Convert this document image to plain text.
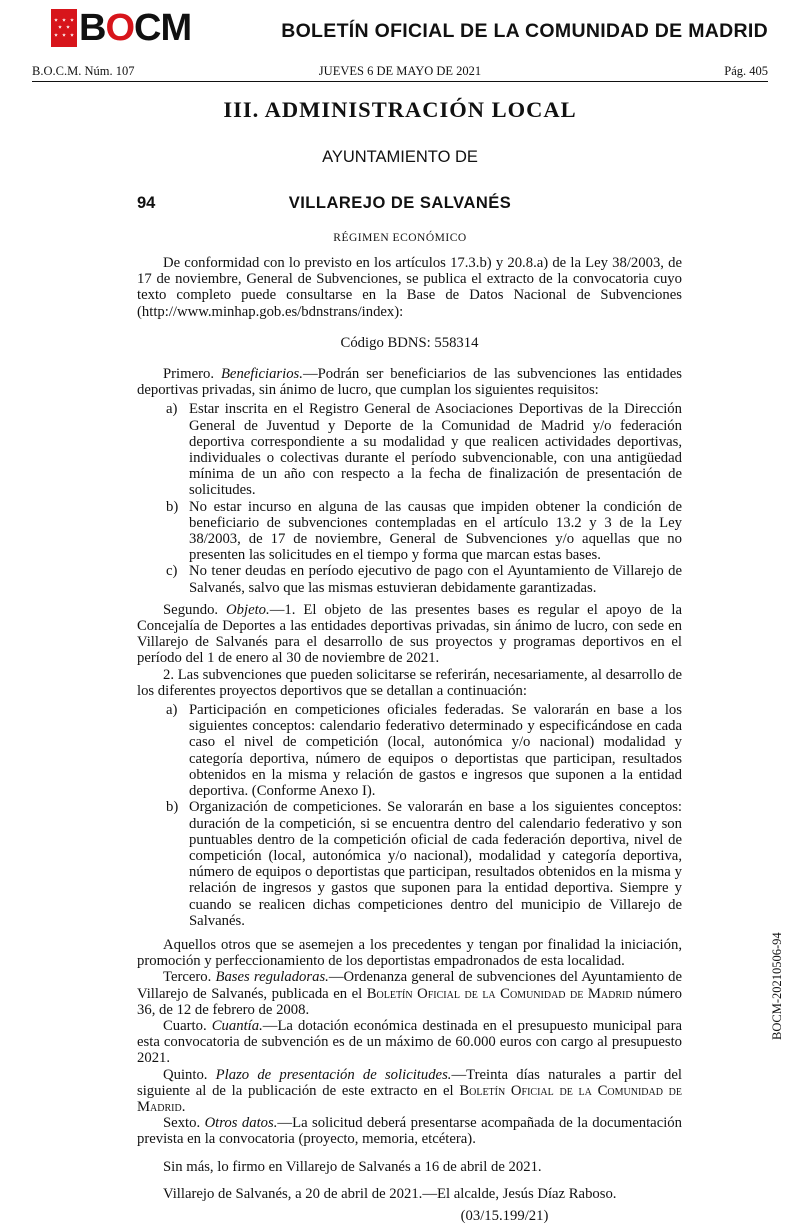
BOCM	BOLETÍN OFICIAL DE LA COMUNIDAD DE MADRID
B.O.C.M. Núm. 107	JUEVES 6 DE MAYO DE 2021	Pág. 405
III. ADMINISTRACIÓN LOCAL
AYUNTAMIENTO DE
94	VILLAREJO DE SALVANÉS
RÉGIMEN ECONÓMICO

De conformidad con lo previsto en los artículos 17.3.b) y 20.8.a) de la Ley 38/2003, de 17 de noviembre, General de Subvenciones, se publica el extracto de la convocatoria cuyo texto completo puede consultarse en la Base de Datos Nacional de Subvenciones (http://www.minhap.gob.es/bdnstrans/index):

Código BDNS: 558314

Primero. Beneficiarios.—Podrán ser beneficiarios de las subvenciones las entidades deportivas privadas, sin ánimo de lucro, que cumplan los siguientes requisitos:

a) Estar inscrita en el Registro General de Asociaciones Deportivas de la Dirección General de Juventud y Deporte de la Comunidad de Madrid y/o federación deportiva correspondiente a su modalidad y que realicen actividades deportivas, individuales o colectivas durante el período subvencionable, con una antigüedad mínima de un año con respecto a la fecha de finalización de presentación de solicitudes.

b) No estar incurso en alguna de las causas que impiden obtener la condición de beneficiario de subvenciones contempladas en el artículo 13.2 y 3 de la Ley 38/2003, de 17 de noviembre, General de Subvenciones y/o aquellas que no presenten las solicitudes en el tiempo y forma que marcan estas bases.

c) No tener deudas en período ejecutivo de pago con el Ayuntamiento de Villarejo de Salvanés, salvo que las mismas estuvieran debidamente garantizadas.

Segundo. Objeto.—1. El objeto de las presentes bases es regular el apoyo de la Concejalía de Deportes a las entidades deportivas privadas, sin ánimo de lucro, con sede en Villarejo de Salvanés para el desarrollo de sus proyectos y programas deportivos en el período del 1 de enero al 30 de noviembre de 2021.

2. Las subvenciones que pueden solicitarse se referirán, necesariamente, al desarrollo de los diferentes proyectos deportivos que se detallan a continuación:

a) Participación en competiciones oficiales federadas. Se valorarán en base a los siguientes conceptos: calendario federativo determinado y especificándose en cada caso el nivel de competición (local, autonómica y/o nacional) modalidad y categoría deportiva, número de equipos o deportistas que participan, resultados obtenidos en la misma y relación de gastos e ingresos que suponen a la entidad deportiva. (Conforme Anexo I).

b) Organización de competiciones. Se valorarán en base a los siguientes conceptos: duración de la competición, si se encuentra dentro del calendario federativo y son puntuables dentro de la competición oficial de cada federación deportiva, nivel de competición (local, autonómica y/o nacional), modalidad y categoría deportiva, número de equipos o deportistas que participan, resultados obtenidos en la misma y relación de ingresos y gastos que suponen para la entidad deportiva. Siempre y cuando se realicen dichas competiciones dentro del municipio de Villarejo de Salvanés.

Aquellos otros que se asemejen a los precedentes y tengan por finalidad la iniciación, promoción y perfeccionamiento de los deportistas empadronados de esta localidad.

Tercero. Bases reguladoras.—Ordenanza general de subvenciones del Ayuntamiento de Villarejo de Salvanés, publicada en el Boletín Oficial de la Comunidad de Madrid número 36, de 12 de febrero de 2008.

Cuarto. Cuantía.—La dotación económica destinada en el presupuesto municipal para esta convocatoria de subvención es de un máximo de 60.000 euros con cargo al presupuesto 2021.

Quinto. Plazo de presentación de solicitudes.—Treinta días naturales a partir del siguiente al de la publicación de este extracto en el Boletín Oficial de la Comunidad de Madrid.

Sexto. Otros datos.—La solicitud deberá presentarse acompañada de la documentación prevista en la convocatoria (proyecto, memoria, etcétera).

Sin más, lo firmo en Villarejo de Salvanés a 16 de abril de 2021.

Villarejo de Salvanés, a 20 de abril de 2021.—El alcalde, Jesús Díaz Raboso.

(03/15.199/21)

BOCM-20210506-94
